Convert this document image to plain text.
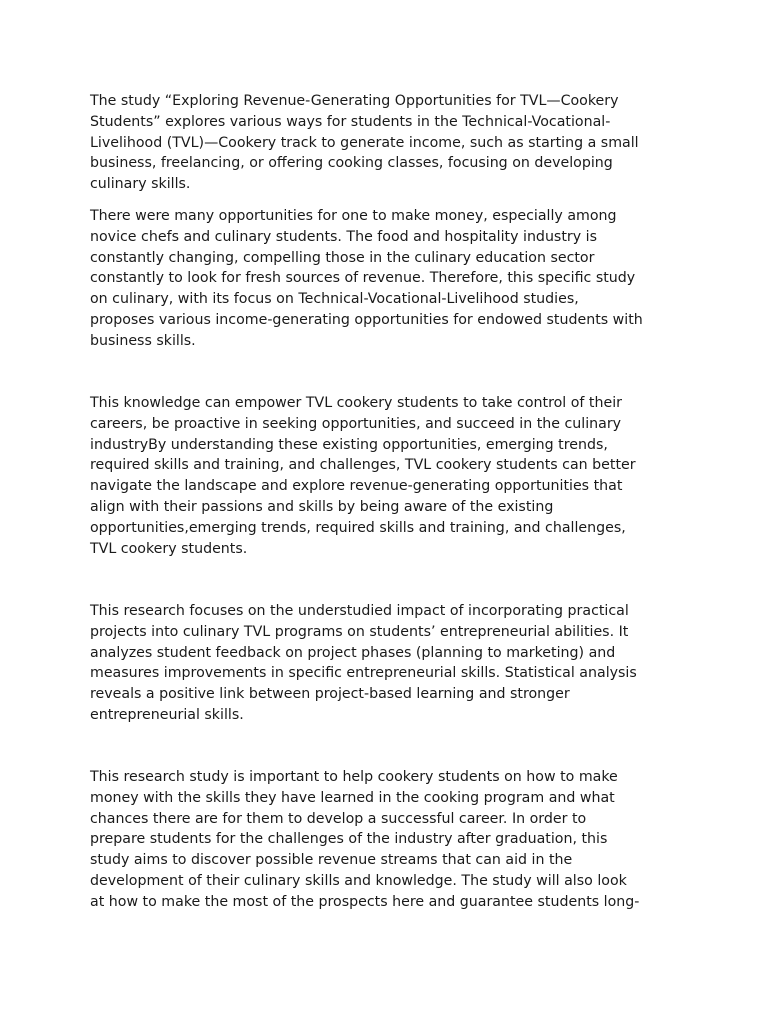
The study “Exploring Revenue-Generating Opportunities for TVL—Cookery
Students” explores various ways for students in the Technical-Vocational-
Livelihood (TVL)—Cookery track to generate income, such as starting a small
business, freelancing, or offering cooking classes, focusing on developing
culinary skills.

There were many opportunities for one to make money, especially among
novice chefs and culinary students. The food and hospitality industry is
constantly changing, compelling those in the culinary education sector
constantly to look for fresh sources of revenue. Therefore, this specific study
on culinary, with its focus on Technical-Vocational-Livelihood studies,
proposes various income-generating opportunities for endowed students with
business skills.

This knowledge can empower TVL cookery students to take control of their
careers, be proactive in seeking opportunities, and succeed in the culinary
industryBy understanding these existing opportunities, emerging trends,
required skills and training, and challenges, TVL cookery students can better
navigate the landscape and explore revenue-generating opportunities that
align with their passions and skills by being aware of the existing
opportunities,emerging trends, required skills and training, and challenges,
TVL cookery students.

This research focuses on the understudied impact of incorporating practical
projects into culinary TVL programs on students’ entrepreneurial abilities. It
analyzes student feedback on project phases (planning to marketing) and
measures improvements in specific entrepreneurial skills. Statistical analysis
reveals a positive link between project-based learning and stronger
entrepreneurial skills.

This research study is important to help cookery students on how to make
money with the skills they have learned in the cooking program and what
chances there are for them to develop a successful career. In order to
prepare students for the challenges of the industry after graduation, this
study aims to discover possible revenue streams that can aid in the
development of their culinary skills and knowledge. The study will also look
at how to make the most of the prospects here and guarantee students long-
